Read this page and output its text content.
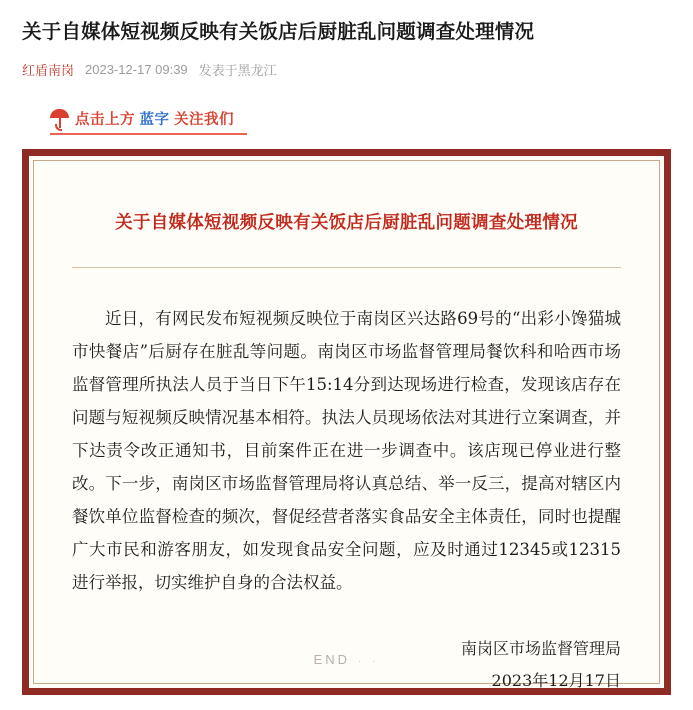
关于自媒体短视频反映有关饭店后厨脏乱问题调查处理情况
红盾南岗 2023-12-17 09:39 发表于黑龙江
点击上方 蓝字 关注我们
关于自媒体短视频反映有关饭店后厨脏乱问题调查处理情况
近日，有网民发布短视频反映位于南岗区兴达路69号的“出彩小馋猫城市快餐店”后厨存在脏乱等问题。南岗区市场监督管理局餐饮科和哈西市场监督管理所执法人员于当日下午15:14分到达现场进行检查，发现该店存在问题与短视频反映情况基本相符。执法人员现场依法对其进行立案调查，并下达责令改正通知书，目前案件正在进一步调查中。该店现已停业进行整改。下一步，南岗区市场监督管理局将认真总结、举一反三，提高对辖区内餐饮单位监督检查的频次，督促经营者落实食品安全主体责任，同时也提醒广大市民和游客朋友，如发现食品安全问题，应及时通过12345或12315进行举报，切实维护自身的合法权益。
南岗区市场监督管理局
2023年12月17日
END · ·
